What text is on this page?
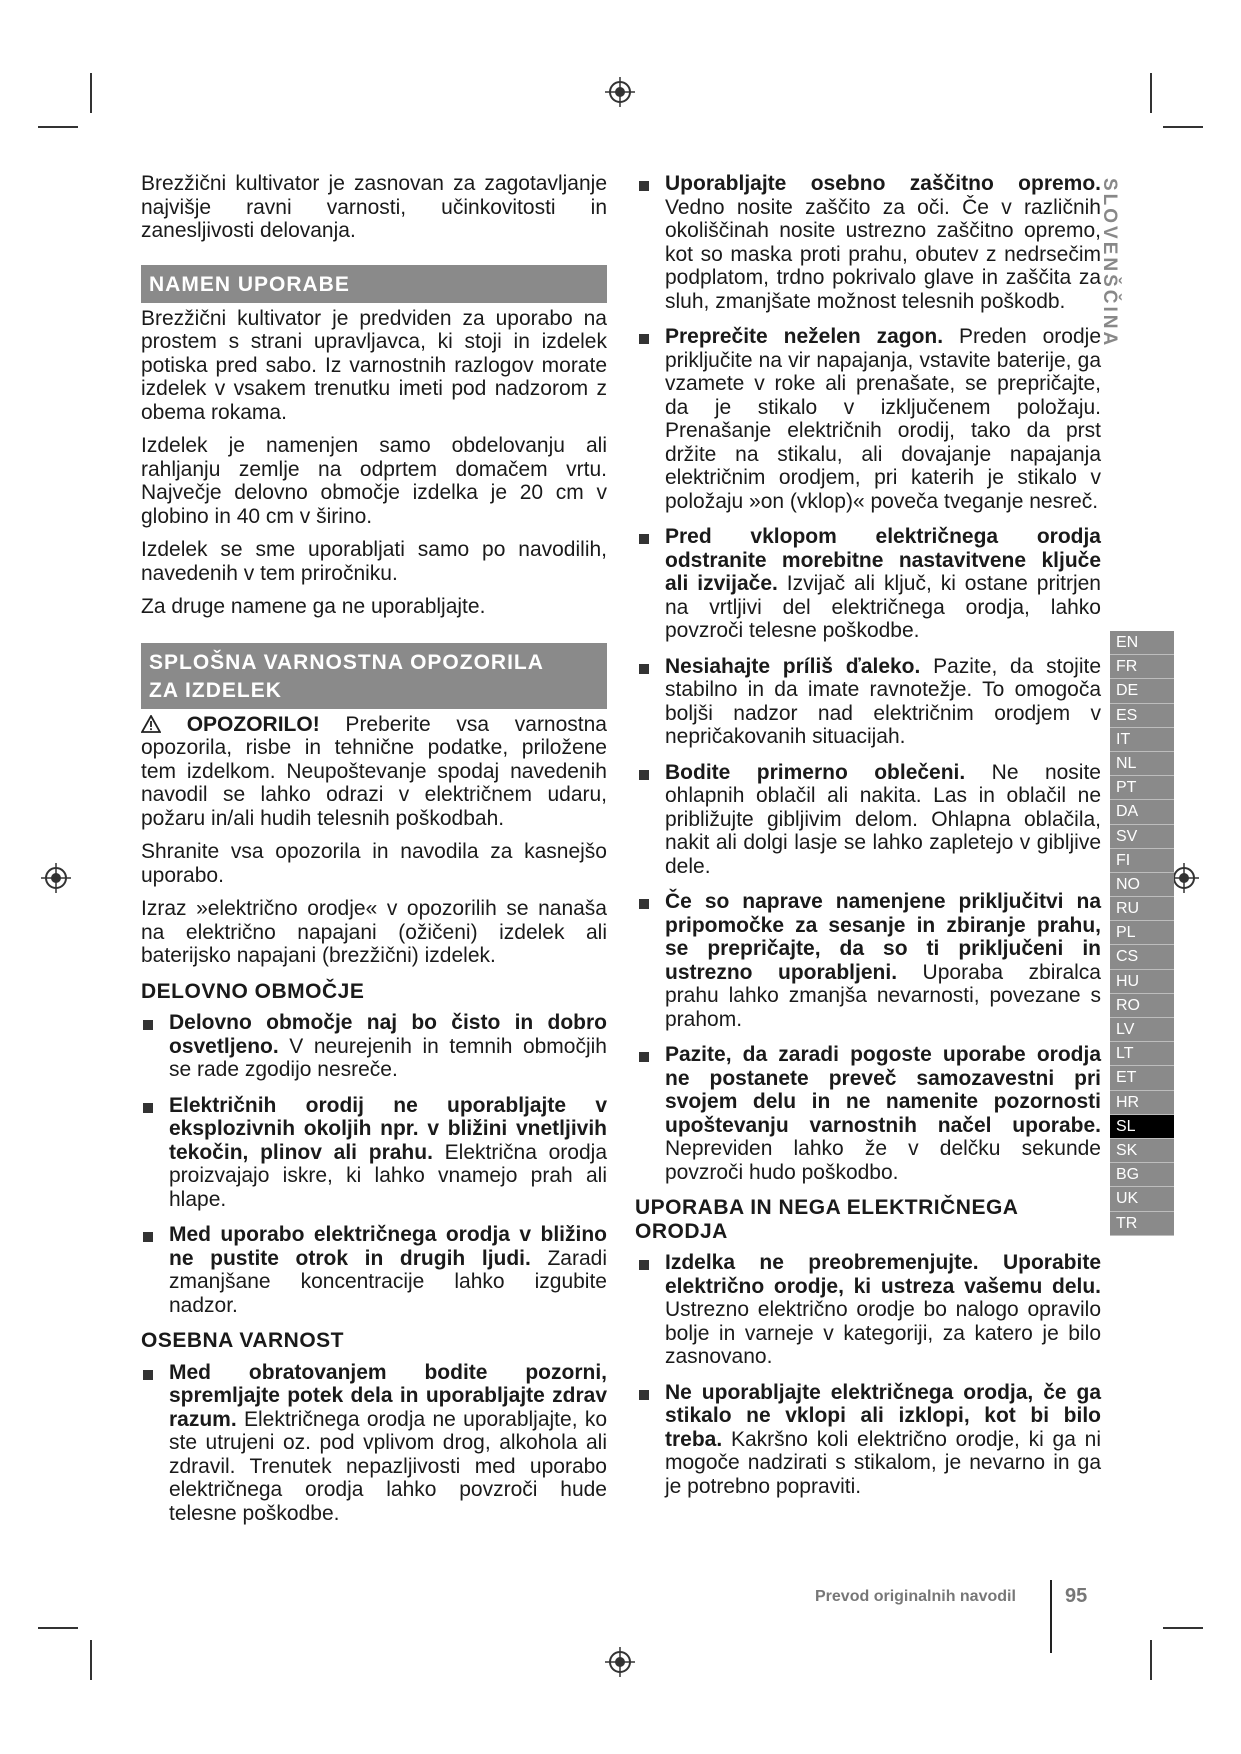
SLOVENŠČINA
EN
FR
DE
ES
IT
NL
PT
DA
SV
FI
NO
RU
PL
CS
HU
RO
LV
LT
ET
HR
SL
SK
BG
UK
TR

Brezžični kultivator je zasnovan za zagotavljanje najvišje ravni varnosti, učinkovitosti in zanesljivosti delovanja.

NAMEN UPORABE

Brezžični kultivator je predviden za uporabo na prostem s strani upravljavca, ki stoji in izdelek potiska pred sabo. Iz varnostnih razlogov morate izdelek v vsakem trenutku imeti pod nadzorom z obema rokama.

Izdelek je namenjen samo obdelovanju ali rahljanju zemlje na odprtem domačem vrtu. Največje delovno območje izdelka je 20 cm v globino in 40 cm v širino.

Izdelek se sme uporabljati samo po navodilih, navedenih v tem priročniku.

Za druge namene ga ne uporabljajte.

SPLOŠNA VARNOSTNA OPOZORILA
ZA IZDELEK

OPOZORILO! Preberite vsa varnostna opozorila, risbe in tehnične podatke, priložene tem izdelkom. Neupoštevanje spodaj navedenih navodil se lahko odrazi v električnem udaru, požaru in/ali hudih telesnih poškodbah.

Shranite vsa opozorila in navodila za kasnejšo uporabo.

Izraz »električno orodje« v opozorilih se nanaša na električno napajani (ožičeni) izdelek ali baterijsko napajani (brezžični) izdelek.

DELOVNO OBMOČJE
Delovno območje naj bo čisto in dobro osvetljeno. V neurejenih in temnih območjih se rade zgodijo nesreče.
Električnih orodij ne uporabljajte v eksplozivnih okoljih npr. v bližini vnetljivih tekočin, plinov ali prahu. Električna orodja proizvajajo iskre, ki lahko vnamejo prah ali hlape.
Med uporabo električnega orodja v bližino ne pustite otrok in drugih ljudi. Zaradi zmanjšane koncentracije lahko izgubite nadzor.
OSEBNA VARNOST
Med obratovanjem bodite pozorni, spremljajte potek dela in uporabljajte zdrav razum. Električnega orodja ne uporabljajte, ko ste utrujeni oz. pod vplivom drog, alkohola ali zdravil. Trenutek nepazljivosti med uporabo električnega orodja lahko povzroči hude telesne poškodbe.
Uporabljajte osebno zaščitno opremo. Vedno nosite zaščito za oči. Če v različnih okoliščinah nosite ustrezno zaščitno opremo, kot so maska proti prahu, obutev z nedrsečim podplatom, trdno pokrivalo glave in zaščita za sluh, zmanjšate možnost telesnih poškodb.
Preprečite neželen zagon. Preden orodje priključite na vir napajanja, vstavite baterije, ga vzamete v roke ali prenašate, se prepričajte, da je stikalo v izključenem položaju. Prenašanje električnih orodij, tako da prst držite na stikalu, ali dovajanje napajanja električnim orodjem, pri katerih je stikalo v položaju »on (vklop)« poveča tveganje nesreč.
Pred vklopom električnega orodja odstranite morebitne nastavitvene ključe ali izvijače. Izvijač ali ključ, ki ostane pritrjen na vrtljivi del električnega orodja, lahko povzroči telesne poškodbe.
Nesiahajte príliš ďaleko. Pazite, da stojite stabilno in da imate ravnotežje. To omogoča boljši nadzor nad električnim orodjem v nepričakovanih situacijah.
Bodite primerno oblečeni. Ne nosite ohlapnih oblačil ali nakita. Las in oblačil ne približujte gibljivim delom. Ohlapna oblačila, nakit ali dolgi lasje se lahko zapletejo v gibljive dele.
Če so naprave namenjene priključitvi na pripomočke za sesanje in zbiranje prahu, se prepričajte, da so ti priključeni in ustrezno uporabljeni. Uporaba zbiralca prahu lahko zmanjša nevarnosti, povezane s prahom.
Pazite, da zaradi pogoste uporabe orodja ne postanete preveč samozavestni pri svojem delu in ne namenite pozornosti upoštevanju varnostnih načel uporabe. Nepreviden lahko že v delčku sekunde povzroči hudo poškodbo.
UPORABA IN NEGA ELEKTRIČNEGA
ORODJA
Izdelka ne preobremenjujte. Uporabite električno orodje, ki ustreza vašemu delu. Ustrezno električno orodje bo nalogo opravilo bolje in varneje v kategoriji, za katero je bilo zasnovano.
Ne uporabljajte električnega orodja, če ga stikalo ne vklopi ali izklopi, kot bi bilo treba. Kakršno koli električno orodje, ki ga ni mogoče nadzirati s stikalom, je nevarno in ga je potrebno popraviti.
Prevod originalnih navodil 95
